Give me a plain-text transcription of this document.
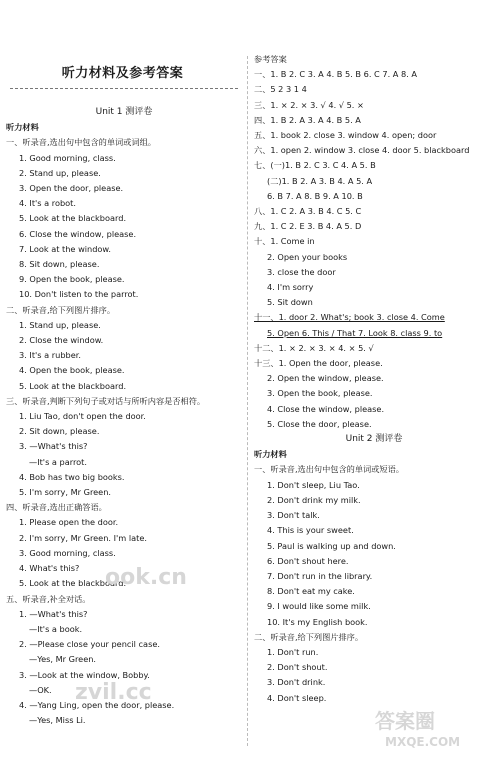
听力材料及参考答案
Unit 1 测评卷
听力材料
一、听录音,选出句中包含的单词或词组。
1. Good morning, class.
2. Stand up, please.
3. Open the door, please.
4. It's a robot.
5. Look at the blackboard.
6. Close the window, please.
7. Look at the window.
8. Sit down, please.
9. Open the book, please.
10. Don't listen to the parrot.
二、听录音,给下列图片排序。
1. Stand up, please.
2. Close the window.
3. It's a rubber.
4. Open the book, please.
5. Look at the blackboard.
三、听录音,判断下列句子或对话与所听内容是否相符。
1. Liu Tao, don't open the door.
2. Sit down, please.
3. —What's this?
—It's a parrot.
4. Bob has two big books.
5. I'm sorry, Mr Green.
四、听录音,选出正确答语。
1. Please open the door.
2. I'm sorry, Mr Green. I'm late.
3. Good morning, class.
4. What's this?
5. Look at the blackboard.
五、听录音,补全对话。
1. —What's this?
—It's a book.
2. —Please close your pencil case.
—Yes, Mr Green.
3. —Look at the window, Bobby.
—OK.
4. —Yang Ling, open the door, please.
—Yes, Miss Li.
参考答案
一、1. B 2. C 3. A 4. B 5. B 6. C 7. A 8. A
二、5 2 3 1 4
三、1. × 2. × 3. √ 4. √ 5. ×
四、1. B 2. A 3. A 4. B 5. A
五、1. book 2. close 3. window 4. open; door
六、1. open 2. window 3. close 4. door 5. blackboard
七、(一)1. B 2. C 3. C 4. A 5. B
(二)1. B 2. A 3. B 4. A 5. A
6. B 7. A 8. B 9. A 10. B
八、1. C 2. A 3. B 4. C 5. C
九、1. C 2. E 3. B 4. A 5. D
十、1. Come in
2. Open your books
3. close the door
4. I'm sorry
5. Sit down
十一、1. door 2. What's; book 3. close 4. Come
5. Open 6. This / That 7. Look 8. class 9. to
十二、1. × 2. × 3. × 4. × 5. √
十三、1. Open the door, please.
2. Open the window, please.
3. Open the book, please.
4. Close the window, please.
5. Close the door, please.
Unit 2 测评卷
听力材料
一、听录音,选出句中包含的单词或短语。
1. Don't sleep, Liu Tao.
2. Don't drink my milk.
3. Don't talk.
4. This is your sweet.
5. Paul is walking up and down.
6. Don't shout here.
7. Don't run in the library.
8. Don't eat my cake.
9. I would like some milk.
10. It's my English book.
二、听录音,给下列图片排序。
1. Don't run.
2. Don't shout.
3. Don't drink.
4. Don't sleep.
ook.cn
zvil.cc
答案圈
MXQE.COM
